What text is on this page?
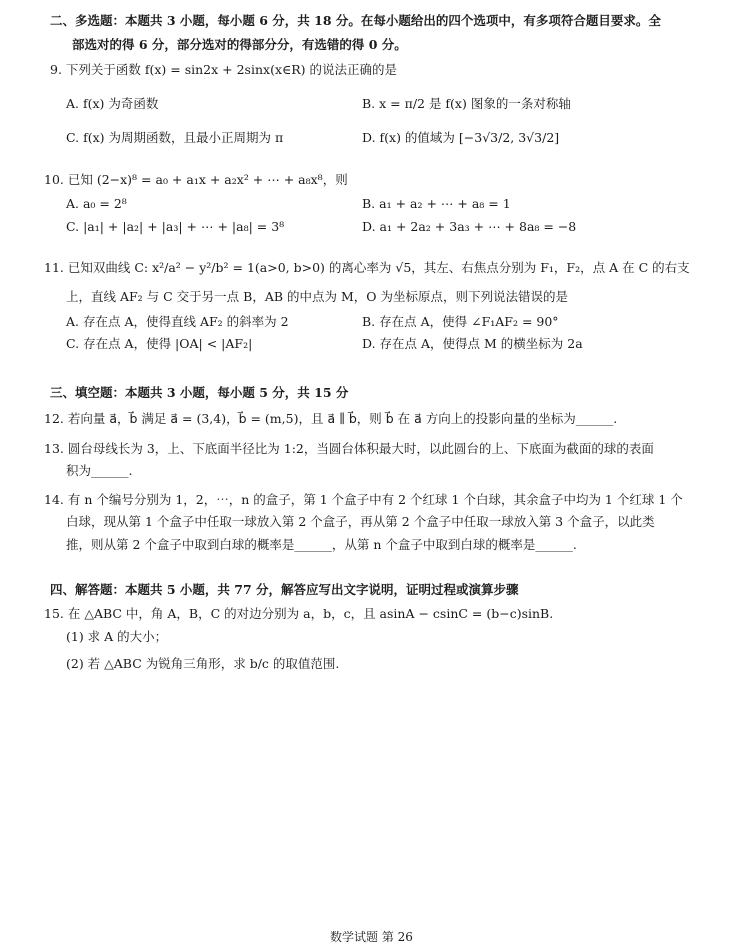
二、多选题：本题共 3 小题，每小题 6 分，共 18 分。在每小题给出的四个选项中，有多项符合题目要求。全
部选对的得 6 分，部分选对的得部分分，有选错的得 0 分。
9. 下列关于函数 f(x) = sin2x + 2sinx(x∈R) 的说法正确的是
A. f(x) 为奇函数	B. x = π/2 是 f(x) 图象的一条对称轴
C. f(x) 为周期函数，且最小正周期为 π	D. f(x) 的值域为 [−3√3/2, 3√3/2]
10. 已知 (2−x)⁸ = a₀ + a₁x + a₂x² + ⋯ + a₈x⁸，则
A. a₀ = 2⁸	B. a₁ + a₂ + ⋯ + a₈ = 1
C. |a₁| + |a₂| + |a₃| + ⋯ + |a₈| = 3⁸	D. a₁ + 2a₂ + 3a₃ + ⋯ + 8a₈ = −8
11. 已知双曲线 C: x²/a² − y²/b² = 1(a>0, b>0) 的离心率为 √5，其左、右焦点分别为 F₁，F₂，点 A 在 C 的右支
上，直线 AF₂ 与 C 交于另一点 B，AB 的中点为 M，O 为坐标原点，则下列说法错误的是
A. 存在点 A，使得直线 AF₂ 的斜率为 2	B. 存在点 A，使得 ∠F₁AF₂ = 90°
C. 存在点 A，使得 |OA| < |AF₂|	D. 存在点 A，使得点 M 的横坐标为 2a
三、填空题：本题共 3 小题，每小题 5 分，共 15 分
12. 若向量 a⃗，b⃗ 满足 a⃗ = (3,4)，b⃗ = (m,5)，且 a⃗ ∥ b⃗，则 b⃗ 在 a⃗ 方向上的投影向量的坐标为______.
13. 圆台母线长为 3，上、下底面半径比为 1:2，当圆台体积最大时，以此圆台的上、下底面为截面的球的表面
积为______.
14. 有 n 个编号分别为 1，2，⋯，n 的盒子，第 1 个盒子中有 2 个红球 1 个白球，其余盒子中均为 1 个红球 1 个
白球，现从第 1 个盒子中任取一球放入第 2 个盒子，再从第 2 个盒子中任取一球放入第 3 个盒子，以此类
推，则从第 2 个盒子中取到白球的概率是______，从第 n 个盒子中取到白球的概率是______.
四、解答题：本题共 5 小题，共 77 分，解答应写出文字说明，证明过程或演算步骤
15. 在 △ABC 中，角 A，B，C 的对边分别为 a，b，c，且 asinA − csinC = (b−c)sinB.
(1) 求 A 的大小；
(2) 若 △ABC 为锐角三角形，求 b/c 的取值范围.
数学试题 第 26
